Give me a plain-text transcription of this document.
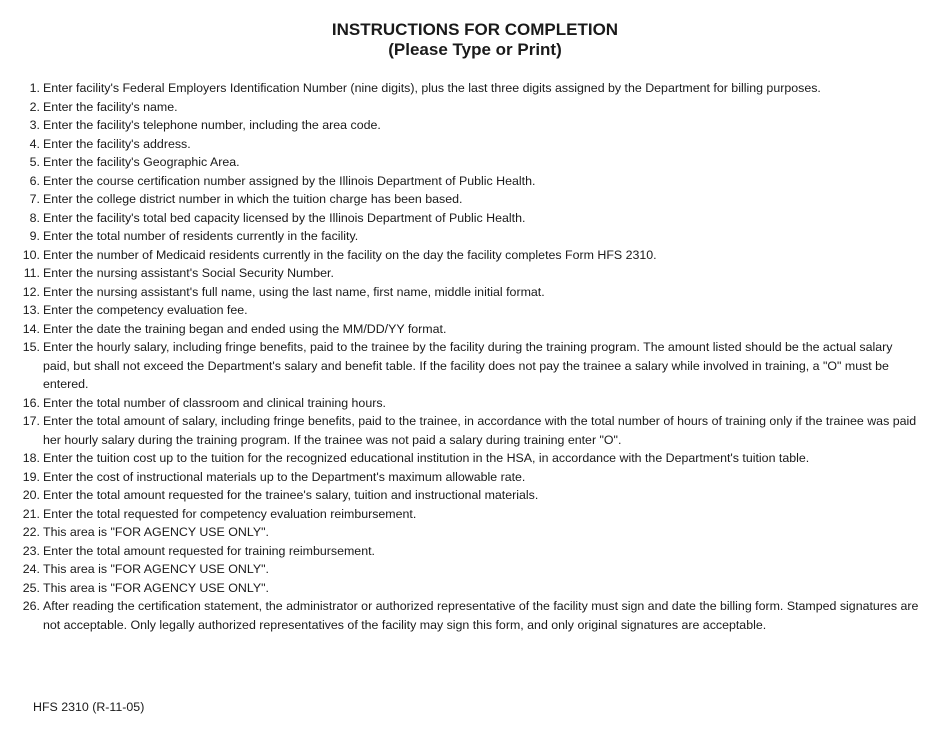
INSTRUCTIONS FOR COMPLETION
(Please Type or Print)
1. Enter facility's Federal Employers Identification Number (nine digits), plus the last three digits assigned by the Department for billing purposes.
2. Enter the facility's name.
3. Enter the facility's telephone number, including the area code.
4. Enter the facility's address.
5. Enter the facility's Geographic Area.
6. Enter the course certification number assigned by the Illinois Department of Public Health.
7. Enter the college district number in which the tuition charge has been based.
8. Enter the facility's total bed capacity licensed by the Illinois Department of Public Health.
9. Enter the total number of residents currently in the facility.
10. Enter the number of Medicaid residents currently in the facility on the day the facility completes Form HFS 2310.
11. Enter the nursing assistant's Social Security Number.
12. Enter the nursing assistant's full name, using the last name, first name, middle initial format.
13. Enter the competency evaluation fee.
14. Enter the date the training began and ended using the MM/DD/YY format.
15. Enter the hourly salary, including fringe benefits, paid to the trainee by the facility during the training program. The amount listed should be the actual salary paid, but shall not exceed the Department's salary and benefit table. If the facility does not pay the trainee a salary while involved in training, a "O" must be entered.
16. Enter the total number of classroom and clinical training hours.
17. Enter the total amount of salary, including fringe benefits, paid to the trainee, in accordance with the total number of hours of training only if the trainee was paid her hourly salary during the training program. If the trainee was not paid a salary during training enter "O".
18. Enter the tuition cost up to the tuition for the recognized educational institution in the HSA, in accordance with the Department's tuition table.
19. Enter the cost of instructional materials up to the Department's maximum allowable rate.
20. Enter the total amount requested for the trainee's salary, tuition and instructional materials.
21. Enter the total requested for competency evaluation reimbursement.
22. This area is "FOR AGENCY USE ONLY".
23. Enter the total amount requested for training reimbursement.
24. This area is "FOR AGENCY USE ONLY".
25. This area is "FOR AGENCY USE ONLY".
26. After reading the certification statement, the administrator or authorized representative of the facility must sign and date the billing form. Stamped signatures are not acceptable. Only legally authorized representatives of the facility may sign this form, and only original signatures are acceptable.
HFS 2310 (R-11-05)
